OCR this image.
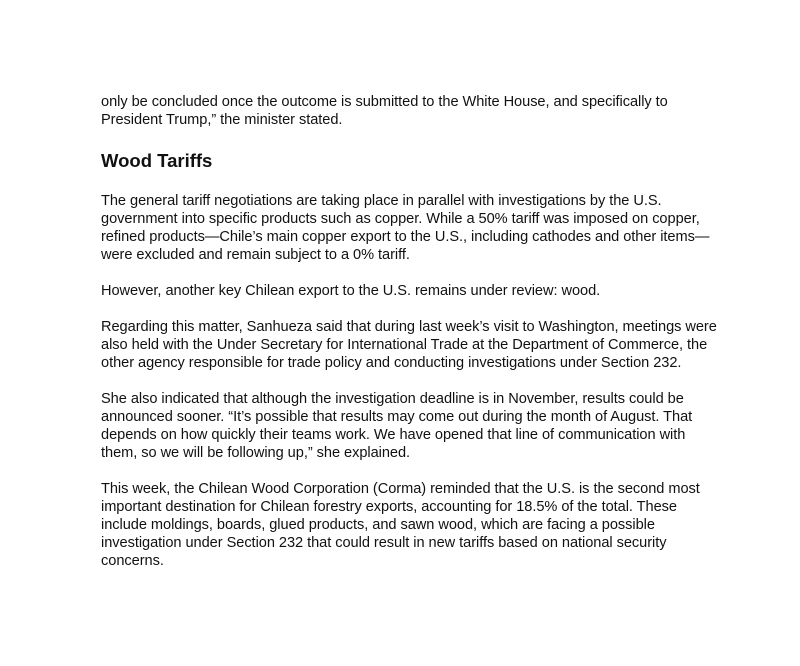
only be concluded once the outcome is submitted to the White House, and specifically to President Trump,” the minister stated.

Wood Tariffs

The general tariff negotiations are taking place in parallel with investigations by the U.S. government into specific products such as copper. While a 50% tariff was imposed on copper, refined products—Chile’s main copper export to the U.S., including cathodes and other items—were excluded and remain subject to a 0% tariff.

However, another key Chilean export to the U.S. remains under review: wood.

Regarding this matter, Sanhueza said that during last week’s visit to Washington, meetings were also held with the Under Secretary for International Trade at the Department of Commerce, the other agency responsible for trade policy and conducting investigations under Section 232.

She also indicated that although the investigation deadline is in November, results could be announced sooner. “It’s possible that results may come out during the month of August. That depends on how quickly their teams work. We have opened that line of communication with them, so we will be following up,” she explained.

This week, the Chilean Wood Corporation (Corma) reminded that the U.S. is the second most important destination for Chilean forestry exports, accounting for 18.5% of the total. These include moldings, boards, glued products, and sawn wood, which are facing a possible investigation under Section 232 that could result in new tariffs based on national security concerns.
